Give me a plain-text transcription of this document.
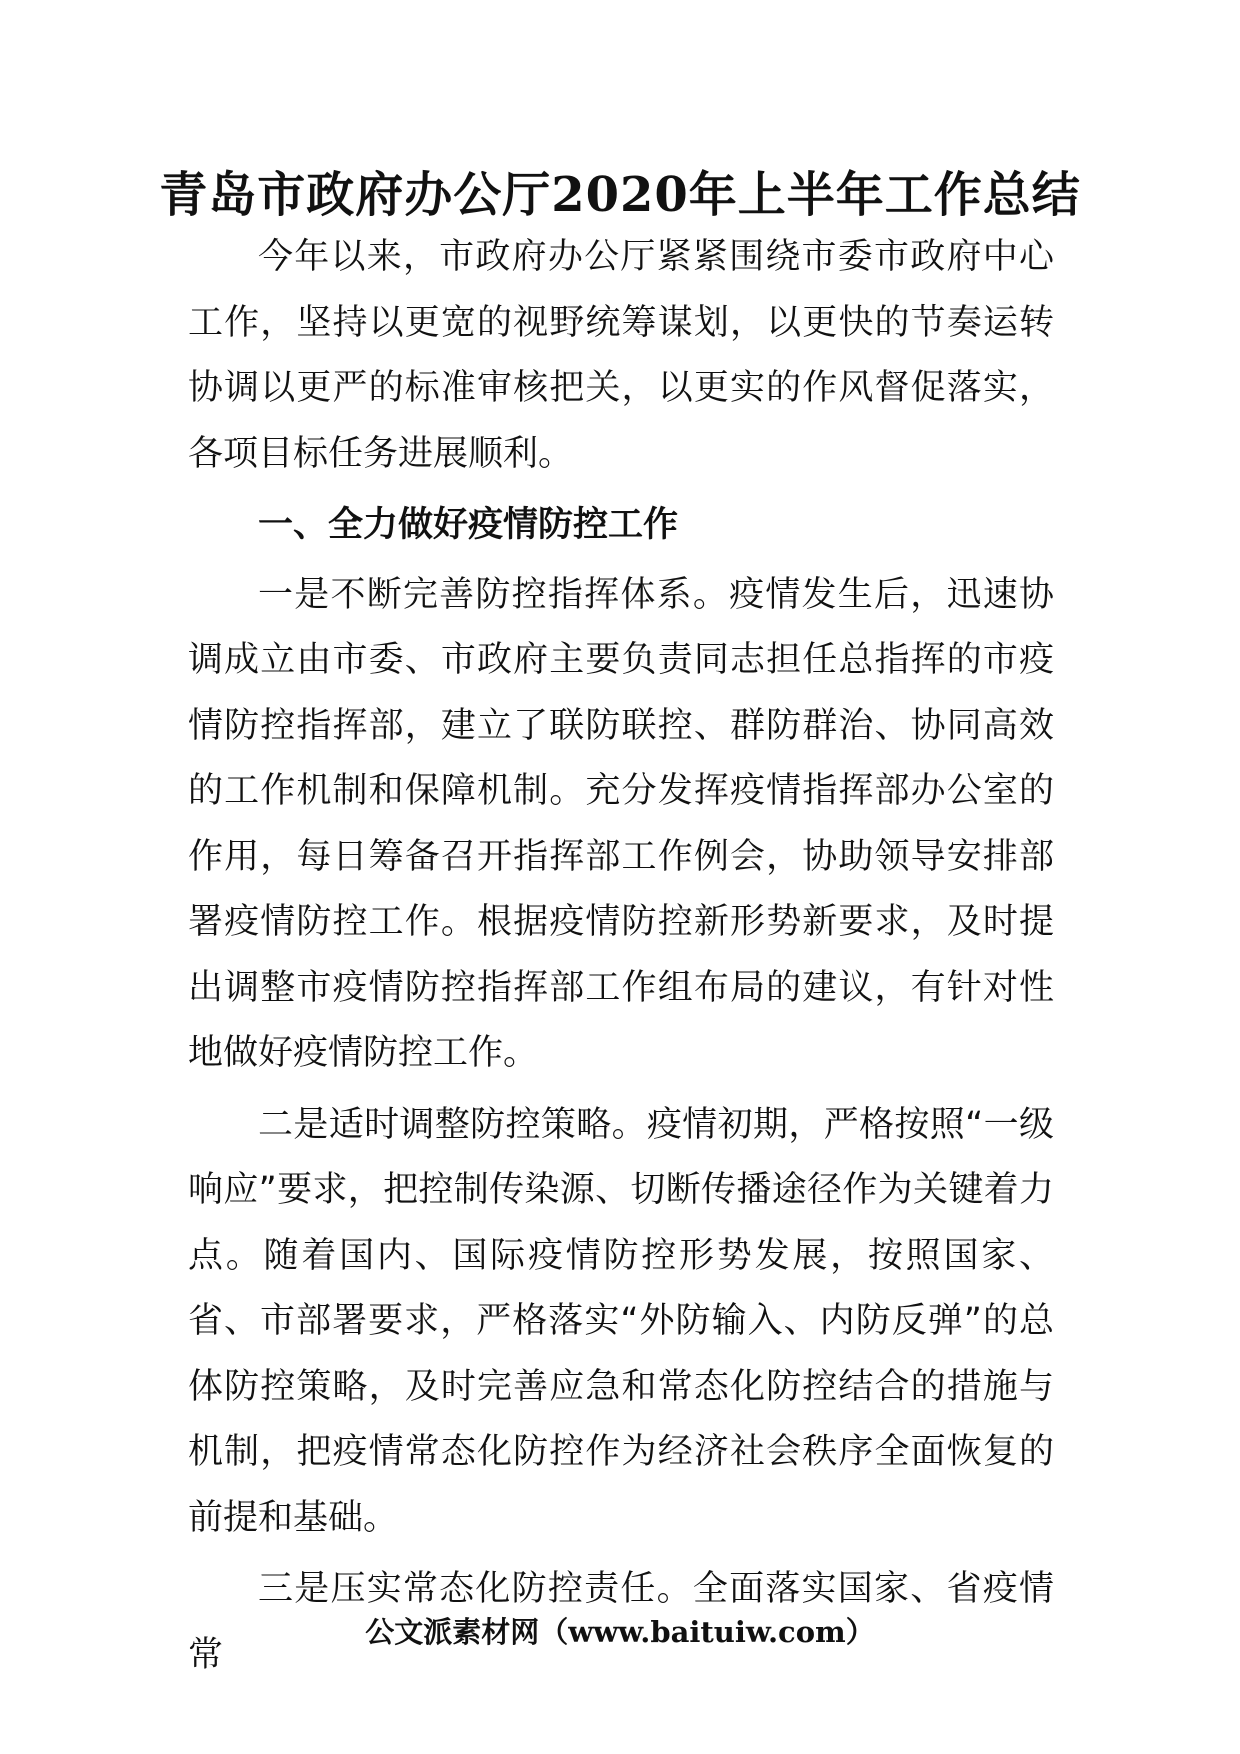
青岛市政府办公厅2020年上半年工作总结

今年以来，市政府办公厅紧紧围绕市委市政府中心工作，坚持以更宽的视野统筹谋划，以更快的节奏运转协调以更严的标准审核把关，以更实的作风督促落实，各项目标任务进展顺利。

一、全力做好疫情防控工作

一是不断完善防控指挥体系。疫情发生后，迅速协调成立由市委、市政府主要负责同志担任总指挥的市疫情防控指挥部，建立了联防联控、群防群治、协同高效的工作机制和保障机制。充分发挥疫情指挥部办公室的作用，每日筹备召开指挥部工作例会，协助领导安排部署疫情防控工作。根据疫情防控新形势新要求，及时提出调整市疫情防控指挥部工作组布局的建议，有针对性地做好疫情防控工作。

二是适时调整防控策略。疫情初期，严格按照“一级响应”要求，把控制传染源、切断传播途径作为关键着力点。随着国内、国际疫情防控形势发展，按照国家、省、市部署要求，严格落实“外防输入、内防反弹”的总体防控策略，及时完善应急和常态化防控结合的措施与机制，把疫情常态化防控作为经济社会秩序全面恢复的前提和基础。

三是压实常态化防控责任。全面落实国家、省疫情常

公文派素材网（www.baituiw.com）
